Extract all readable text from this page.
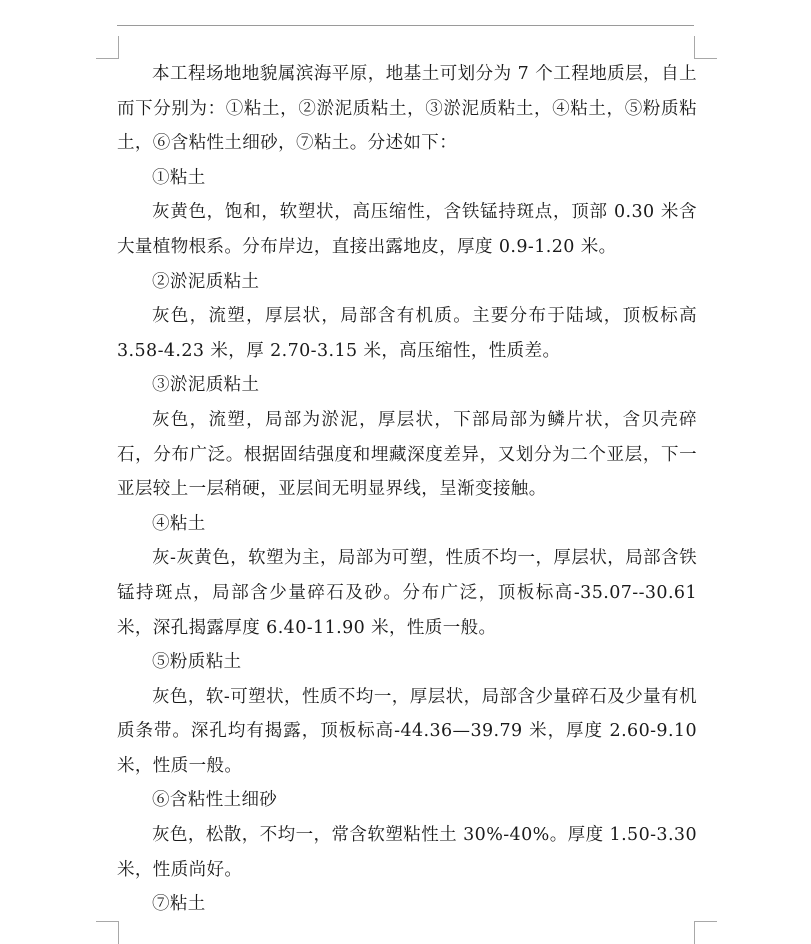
本工程场地地貌属滨海平原，地基土可划分为 7 个工程地质层，自上而下分别为：①粘土，②淤泥质粘土，③淤泥质粘土，④粘土，⑤粉质粘土，⑥含粘性土细砂，⑦粘土。分述如下：

①粘土

灰黄色，饱和，软塑状，高压缩性，含铁锰持斑点，顶部 0.30 米含大量植物根系。分布岸边，直接出露地皮，厚度 0.9-1.20 米。

②淤泥质粘土

灰色，流塑，厚层状，局部含有机质。主要分布于陆域，顶板标高3.58-4.23 米，厚 2.70-3.15 米，高压缩性，性质差。

③淤泥质粘土

灰色，流塑，局部为淤泥，厚层状，下部局部为鳞片状，含贝壳碎石，分布广泛。根据固结强度和埋藏深度差异，又划分为二个亚层，下一亚层较上一层稍硬，亚层间无明显界线，呈渐变接触。

④粘土

灰-灰黄色，软塑为主，局部为可塑，性质不均一，厚层状，局部含铁锰持斑点，局部含少量碎石及砂。分布广泛，顶板标高-35.07--30.61米，深孔揭露厚度 6.40-11.90 米，性质一般。

⑤粉质粘土

灰色，软-可塑状，性质不均一，厚层状，局部含少量碎石及少量有机质条带。深孔均有揭露，顶板标高-44.36—39.79 米，厚度 2.60-9.10米，性质一般。

⑥含粘性土细砂

灰色，松散，不均一，常含软塑粘性土 30%-40%。厚度 1.50-3.30米，性质尚好。

⑦粘土
